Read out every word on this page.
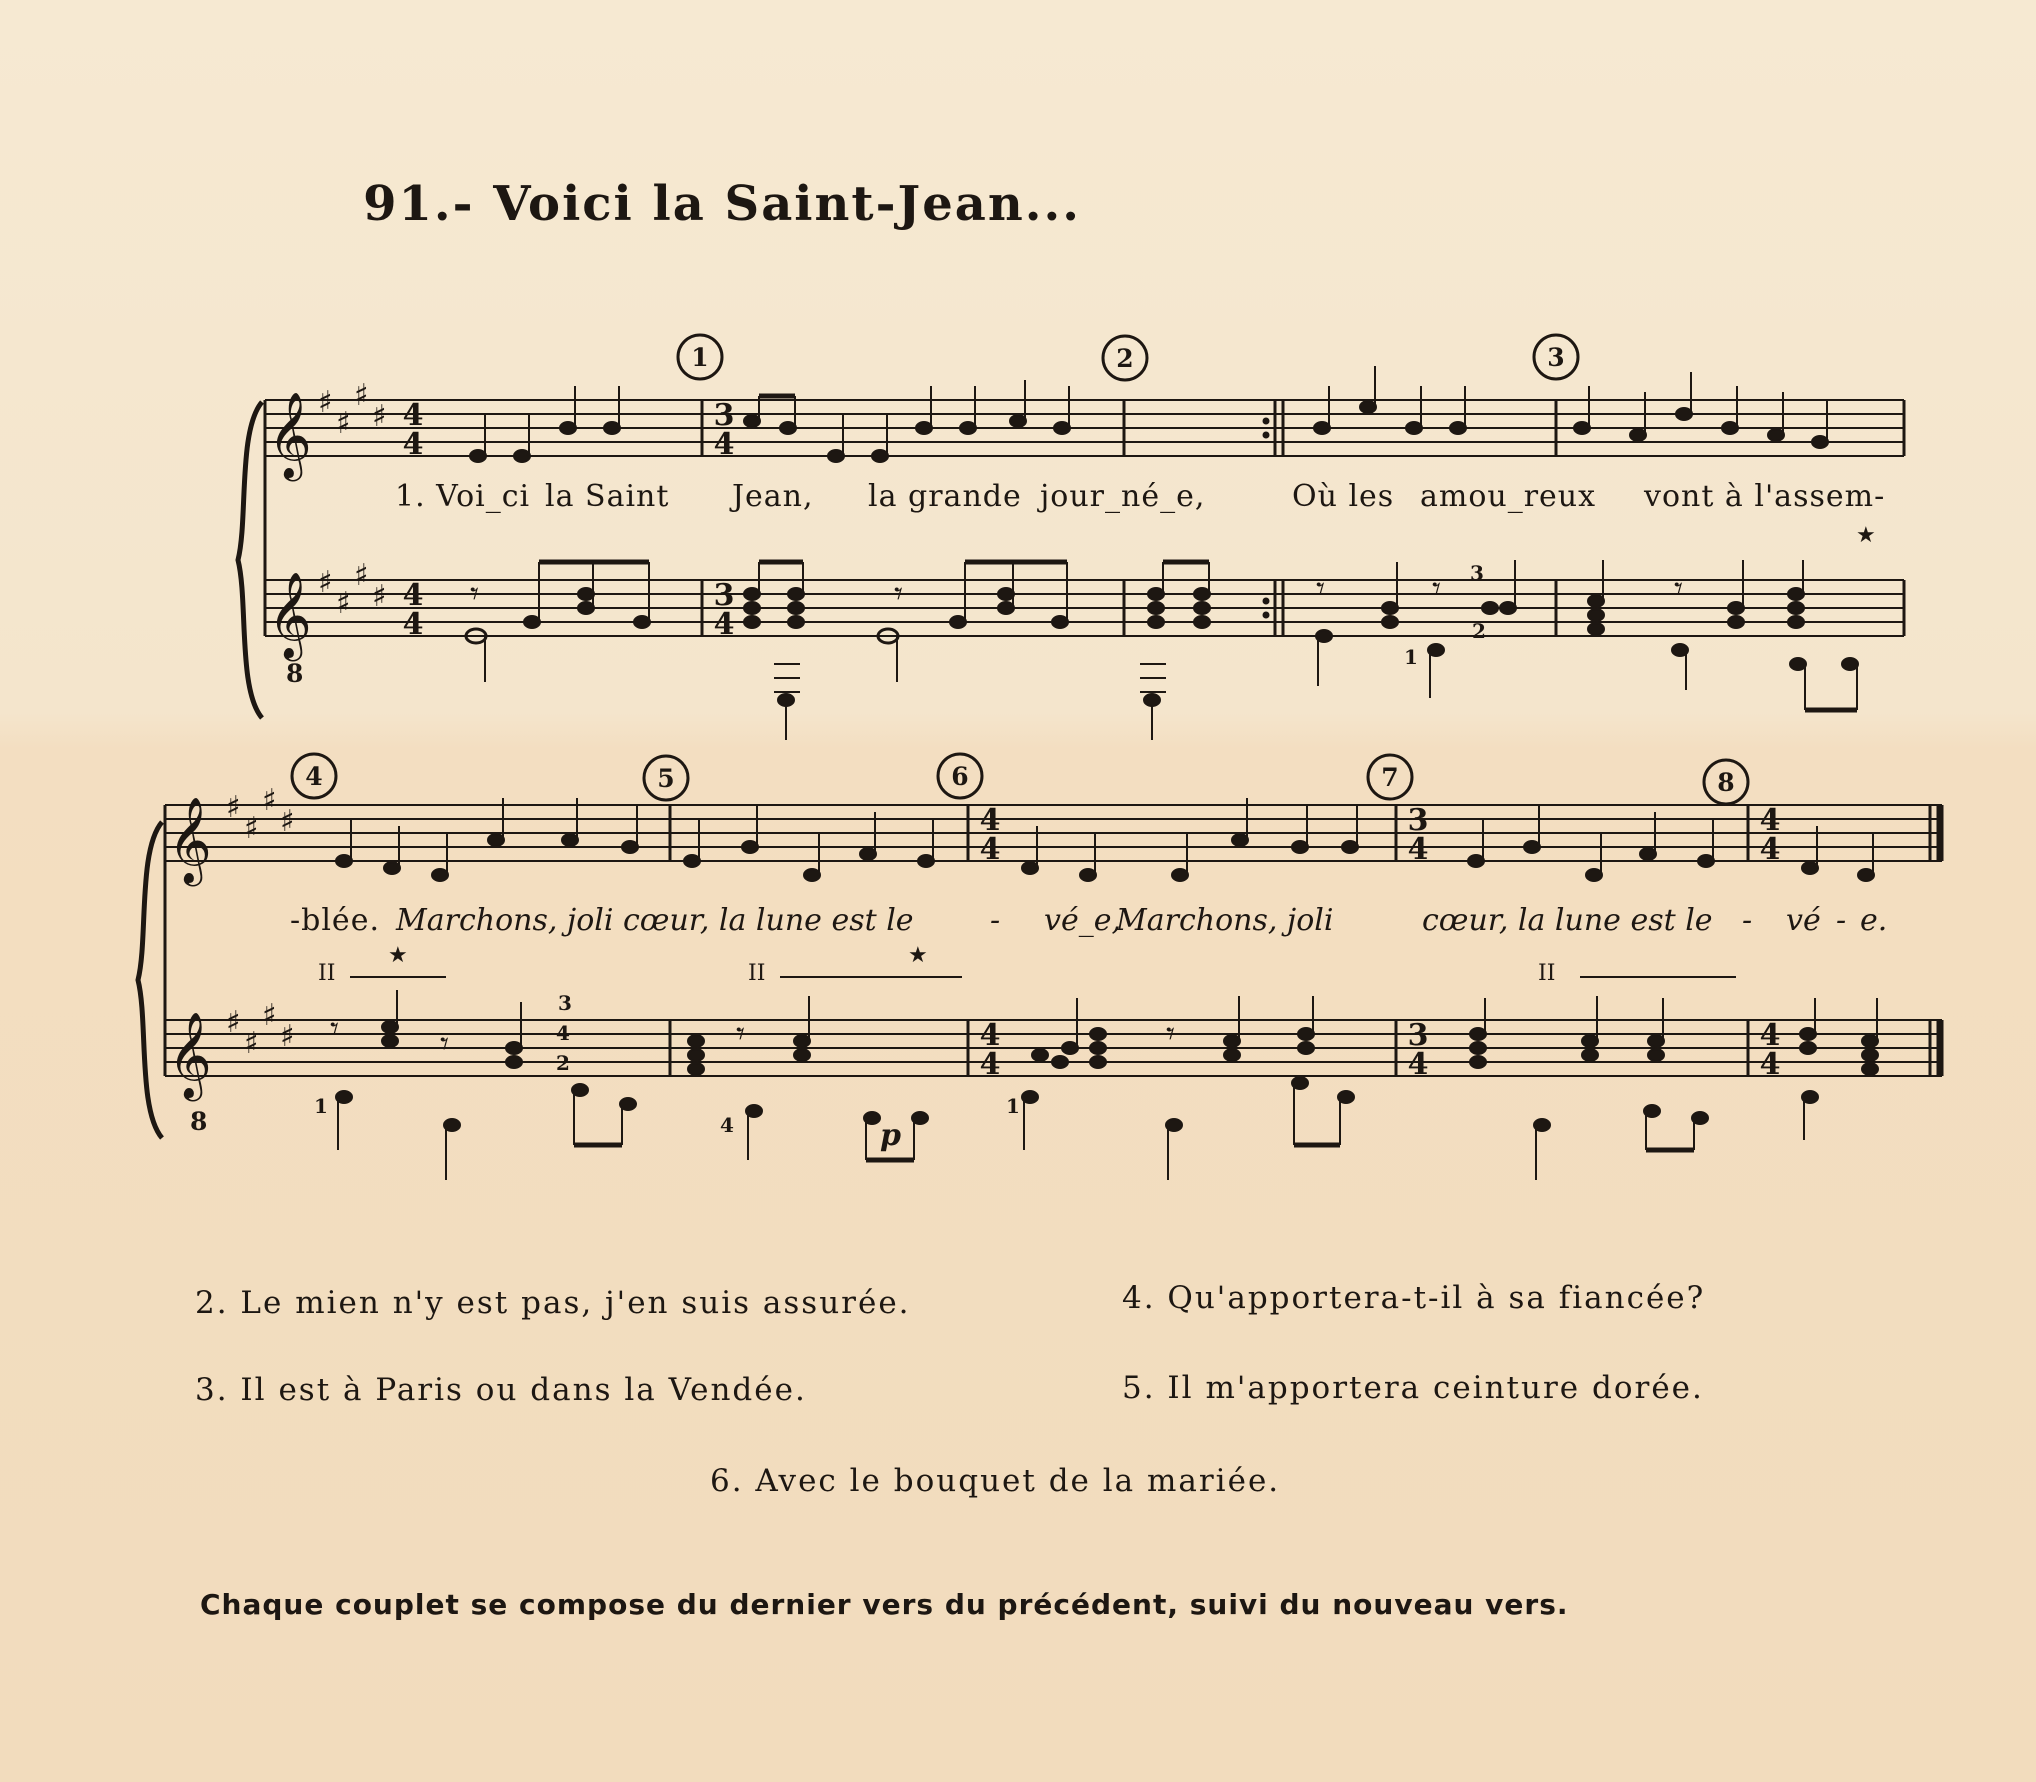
91.- Voici la Saint-Jean...
𝄞
𝄞
♯
♯
♯
♯
♯
♯
♯
♯ 𝄾	𝄾	𝄾	𝄾	𝄾
𝄞
𝄞
♯
♯
♯
♯
♯
♯
♯
♯ 𝄾	𝄾	𝄾	𝄾
1	2	3
4	5	6	7	8
4
4
4
4
3
4
3
4
4
4
4
4
3
4
3
4
4
4
4
4
8
8
1. Voi_ci la Saint Jean, la grande jour_né_e,	Où les amou_reux vont à l'assem-
-blée. Marchons, joli cœur, la lune est le	- vé_e,
Marchons, joli	cœur, la lune est le - vé - e.
II	II	II
★
★	★
p
1
2
3
4
1
3
2
1
4
2. Le mien n'y est pas, j'en suis assurée.	4. Qu'apportera-t-il à sa fiancée?
3. Il est à Paris ou dans la Vendée.	5. Il m'apportera ceinture dorée.
6. Avec le bouquet de la mariée.
Chaque couplet se compose du dernier vers du précédent, suivi du nouveau vers.
